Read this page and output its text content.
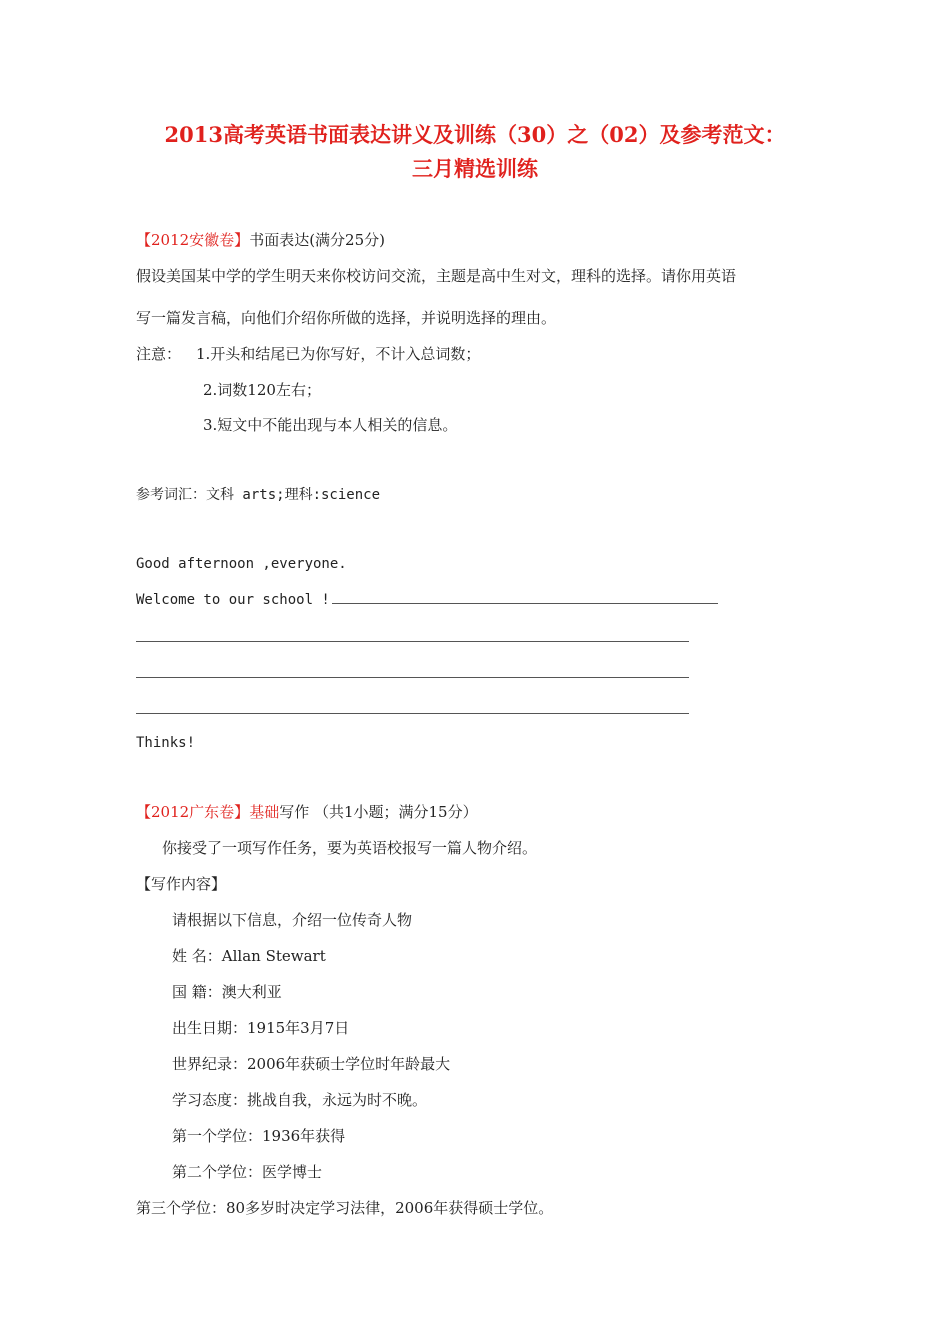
2013高考英语书面表达讲义及训练（30）之（02）及参考范文：
三月精选训练
【2012安徽卷】书面表达(满分25分)
假设美国某中学的学生明天来你校访问交流，主题是高中生对文，理科的选择。请你用英语
写一篇发言稿，向他们介绍你所做的选择，并说明选择的理由。
注意： 1.开头和结尾已为你写好，不计入总词数；
2.词数120左右；
3.短文中不能出现与本人相关的信息。
参考词汇：文科 arts;理科:science
Good afternoon ,everyone.
Welcome to our school !
Thinks!
【2012广东卷】基础写作 （共1小题；满分15分）
你接受了一项写作任务，要为英语校报写一篇人物介绍。
【写作内容】
请根据以下信息，介绍一位传奇人物
姓 名：Allan Stewart
国 籍：澳大利亚
出生日期：1915年3月7日
世界纪录：2006年获硕士学位时年龄最大
学习态度：挑战自我，永远为时不晚。
第一个学位：1936年获得
第二个学位：医学博士
第三个学位：80多岁时决定学习法律，2006年获得硕士学位。
